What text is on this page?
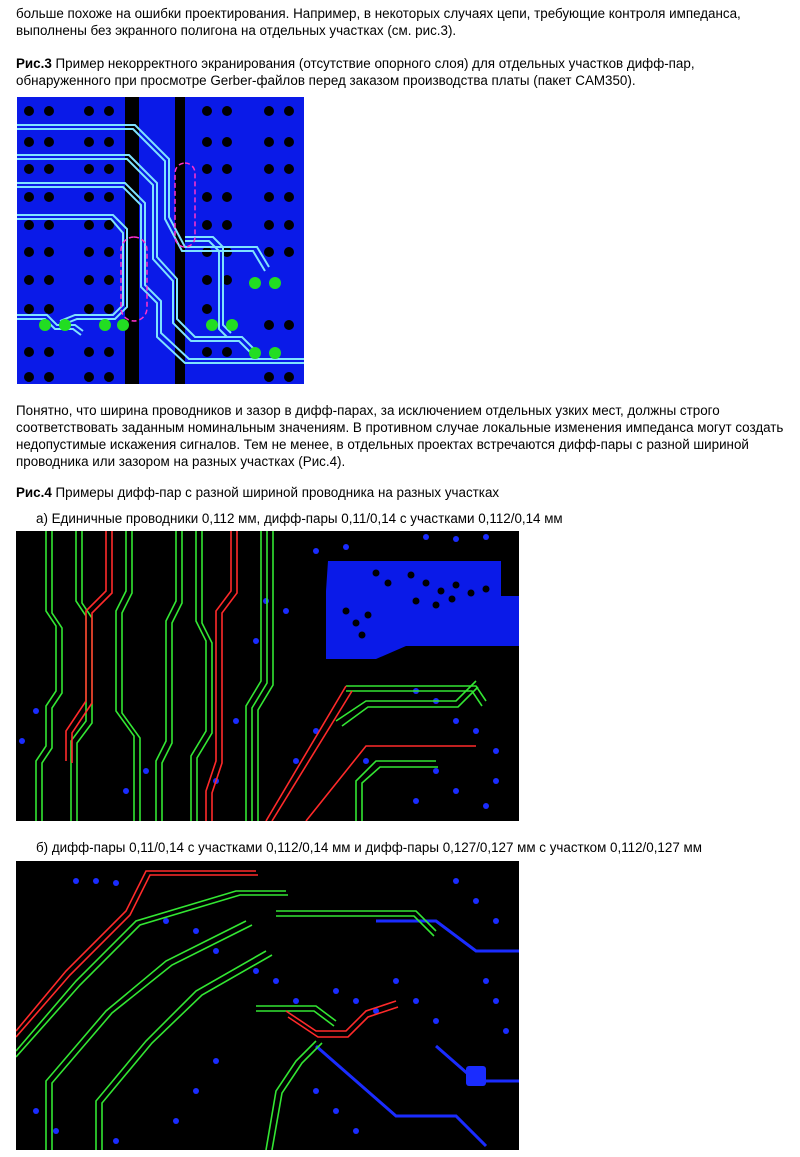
больше похоже на ошибки проектирования. Например, в некоторых случаях цепи, требующие контроля импеданса, выполнены без экранного полигона на отдельных участках (см. рис.3).
Рис.3 Пример некорректного экранирования (отсутствие опорного слоя) для отдельных участков дифф-пар, обнаруженного при просмотре Gerber-файлов перед заказом производства платы (пакет CAM350).
Понятно, что ширина проводников и зазор в дифф-парах, за исключением отдельных узких мест, должны строго соответствовать заданным номинальным значениям. В противном случае локальные изменения импеданса могут создать недопустимые искажения сигналов. Тем не менее, в отдельных проектах встречаются дифф-пары с разной шириной проводника или зазором на разных участках (Рис.4).
Рис.4 Примеры дифф-пар с разной шириной проводника на разных участках
а) Единичные проводники 0,112 мм, дифф-пары 0,11/0,14 с участками 0,112/0,14 мм
б) дифф-пары 0,11/0,14 с участками 0,112/0,14 мм и дифф-пары 0,127/0,127 мм с участком 0,112/0,127 мм
